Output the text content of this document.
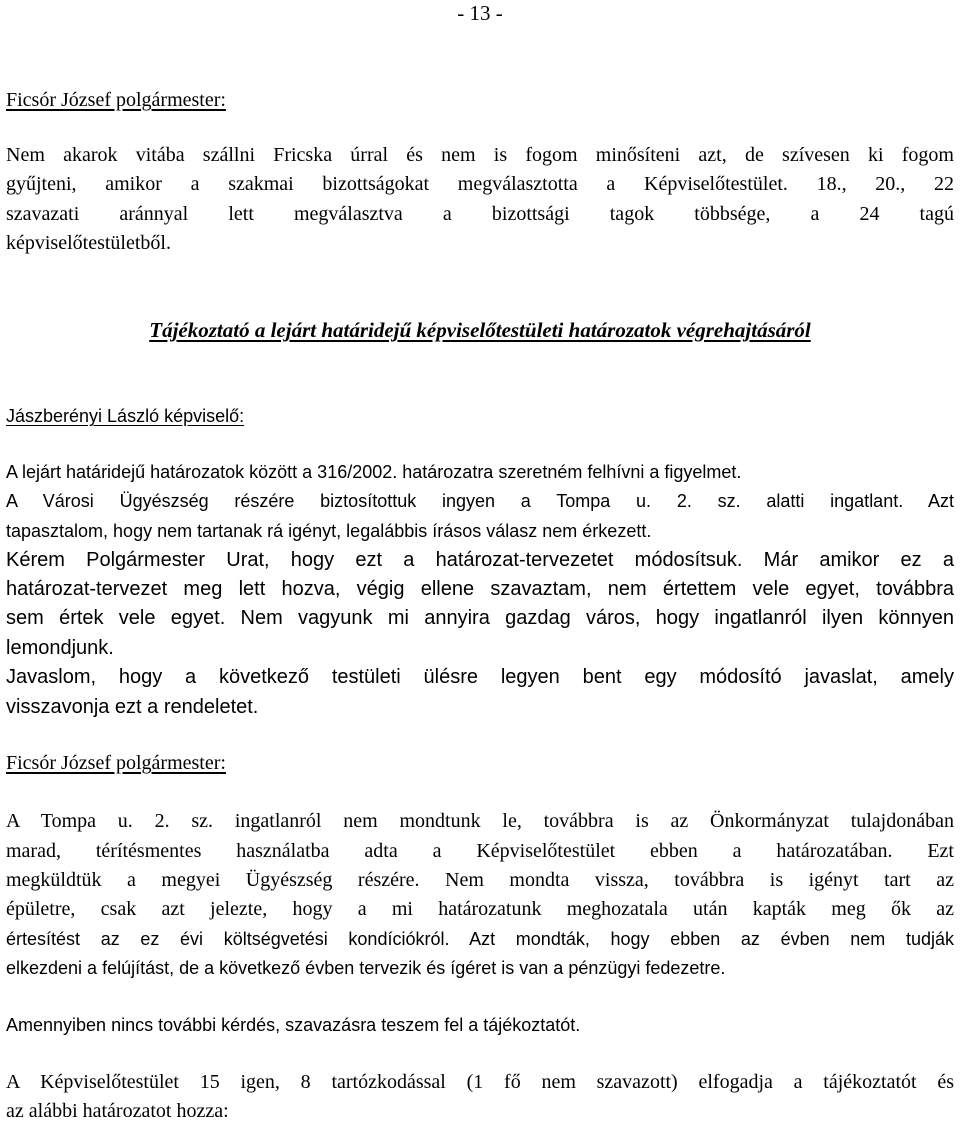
- 13 -
Ficsór József polgármester:
Nem akarok vitába szállni Fricska úrral és nem is fogom minősíteni azt, de szívesen ki fogom
gyűjteni, amikor a szakmai bizottságokat megválasztotta a Képviselőtestület. 18., 20., 22
szavazati aránnyal lett megválasztva a bizottsági tagok többsége, a 24 tagú
képviselőtestületből.
Tájékoztató a lejárt határidejű képviselőtestületi határozatok végrehajtásáról
Jászberényi László képviselő:
A lejárt határidejű határozatok között a 316/2002. határozatra szeretném felhívni a figyelmet.
A Városi Ügyészség részére biztosítottuk ingyen a Tompa u. 2. sz. alatti ingatlant. Azt
tapasztalom, hogy nem tartanak rá igényt, legalábbis írásos válasz nem érkezett.
Kérem Polgármester Urat, hogy ezt a határozat-tervezetet módosítsuk. Már amikor ez a
határozat-tervezet meg lett hozva, végig ellene szavaztam, nem értettem vele egyet, továbbra
sem értek vele egyet. Nem vagyunk mi annyira gazdag város, hogy ingatlanról ilyen könnyen
lemondjunk.
Javaslom, hogy a következő testületi ülésre legyen bent egy módosító javaslat, amely
visszavonja ezt a rendeletet.
Ficsór József polgármester:
A Tompa u. 2. sz. ingatlanról nem mondtunk le, továbbra is az Önkormányzat tulajdonában
marad, térítésmentes használatba adta a Képviselőtestület ebben a határozatában. Ezt
megküldtük a megyei Ügyészség részére. Nem mondta vissza, továbbra is igényt tart az
épületre, csak azt jelezte, hogy a mi határozatunk meghozatala után kapták meg ők az
értesítést az ez évi költségvetési kondíciókról. Azt mondták, hogy ebben az évben nem tudják
elkezdeni a felújítást, de a következő évben tervezik és ígéret is van a pénzügyi fedezetre.
Amennyiben nincs további kérdés, szavazásra teszem fel a tájékoztatót.
A Képviselőtestület 15 igen, 8 tartózkodással (1 fő nem szavazott) elfogadja a tájékoztatót és
az alábbi határozatot hozza:
